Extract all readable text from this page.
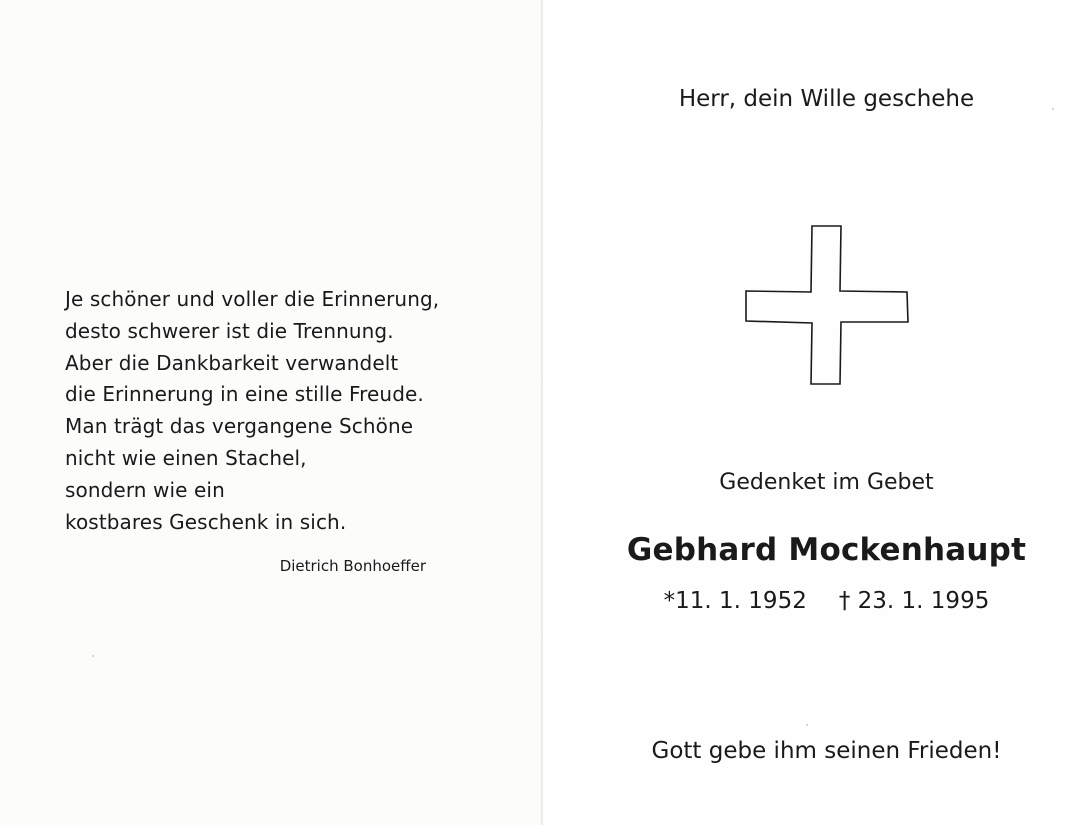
Je schöner und voller die Erinnerung,
desto schwerer ist die Trennung.
Aber die Dankbarkeit verwandelt
die Erinnerung in eine stille Freude.
Man trägt das vergangene Schöne
nicht wie einen Stachel,
sondern wie ein
kostbares Geschenk in sich.
Dietrich Bonhoeffer
Herr, dein Wille geschehe
Gedenket im Gebet
Gebhard Mockenhaupt
*11. 1. 1952 † 23. 1. 1995
Gott gebe ihm seinen Frieden!
